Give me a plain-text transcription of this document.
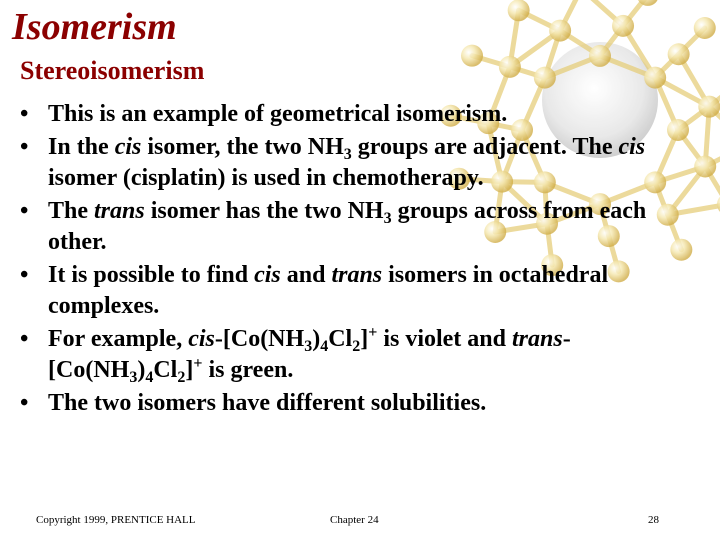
Isomerism
Stereoisomerism
• This is an example of geometrical isomerism.
• In the cis isomer, the two $NH_3$ groups are adjacent. The cis isomer (cisplatin) is used in chemotherapy.
• The trans isomer has the two $NH_3$ groups across from each other.
• It is possible to find cis and trans isomers in octahedral complexes.
• For example, cis-$[Co(NH_3)_4Cl_2]^+$ is violet and trans-$[Co(NH_3)_4Cl_2]^+$ is green.
• The two isomers have different solubilities.
Copyright 1999, PRENTICE HALL	Chapter 24	28
